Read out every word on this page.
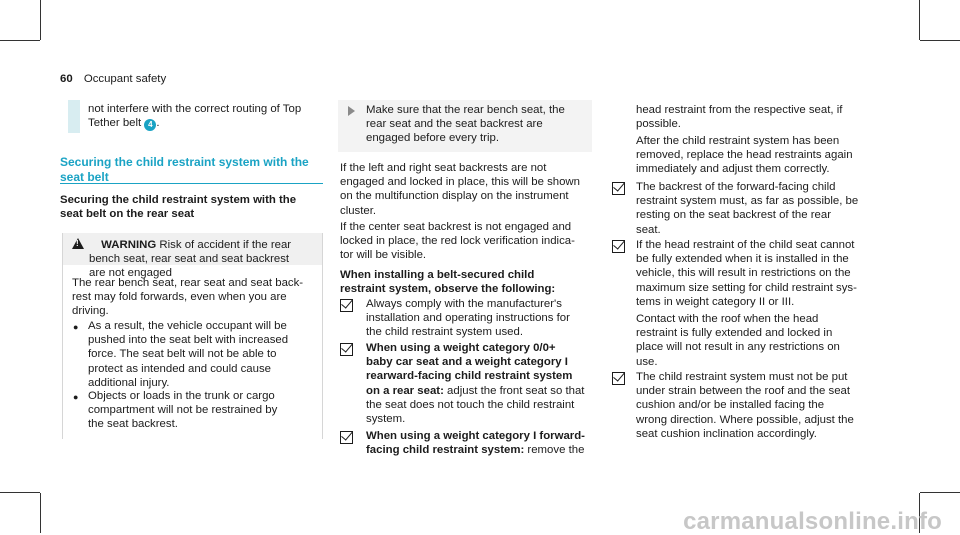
60 Occupant safety
not interfere with the correct routing of Top
Tether belt 4 .
Securing the child restraint system with the
seat belt
Securing the child restraint system with the
seat belt on the rear seat
! WARNING Risk of accident if the rear
bench seat, rear seat and seat backrest
are not engaged
The rear bench seat, rear seat and seat back-
rest may fold forwards, even when you are
driving.
● As a result, the vehicle occupant will be
pushed into the seat belt with increased
force. The seat belt will not be able to
protect as intended and could cause
additional injury.
● Objects or loads in the trunk or cargo
compartment will not be restrained by
the seat backrest.
Make sure that the rear bench seat, the
rear seat and the seat backrest are
engaged before every trip.
If the left and right seat backrests are not
engaged and locked in place, this will be shown
on the multifunction display on the instrument
cluster.
If the center seat backrest is not engaged and
locked in place, the red lock verification indica-
tor will be visible.
When installing a belt-secured child
restraint system, observe the following:
Always comply with the manufacturer's
installation and operating instructions for
the child restraint system used.
When using a weight category 0/0+
baby car seat and a weight category I
rearward-facing child restraint system
on a rear seat: adjust the front seat so that
the seat does not touch the child restraint
system.
When using a weight category I forward-
facing child restraint system: remove the
head restraint from the respective seat, if
possible.
After the child restraint system has been
removed, replace the head restraints again
immediately and adjust them correctly.
The backrest of the forward-facing child
restraint system must, as far as possible, be
resting on the seat backrest of the rear
seat.
If the head restraint of the child seat cannot
be fully extended when it is installed in the
vehicle, this will result in restrictions on the
maximum size setting for child restraint sys-
tems in weight category II or III.
Contact with the roof when the head
restraint is fully extended and locked in
place will not result in any restrictions on
use.
The child restraint system must not be put
under strain between the roof and the seat
cushion and/or be installed facing the
wrong direction. Where possible, adjust the
seat cushion inclination accordingly.
carmanualsonline.info
